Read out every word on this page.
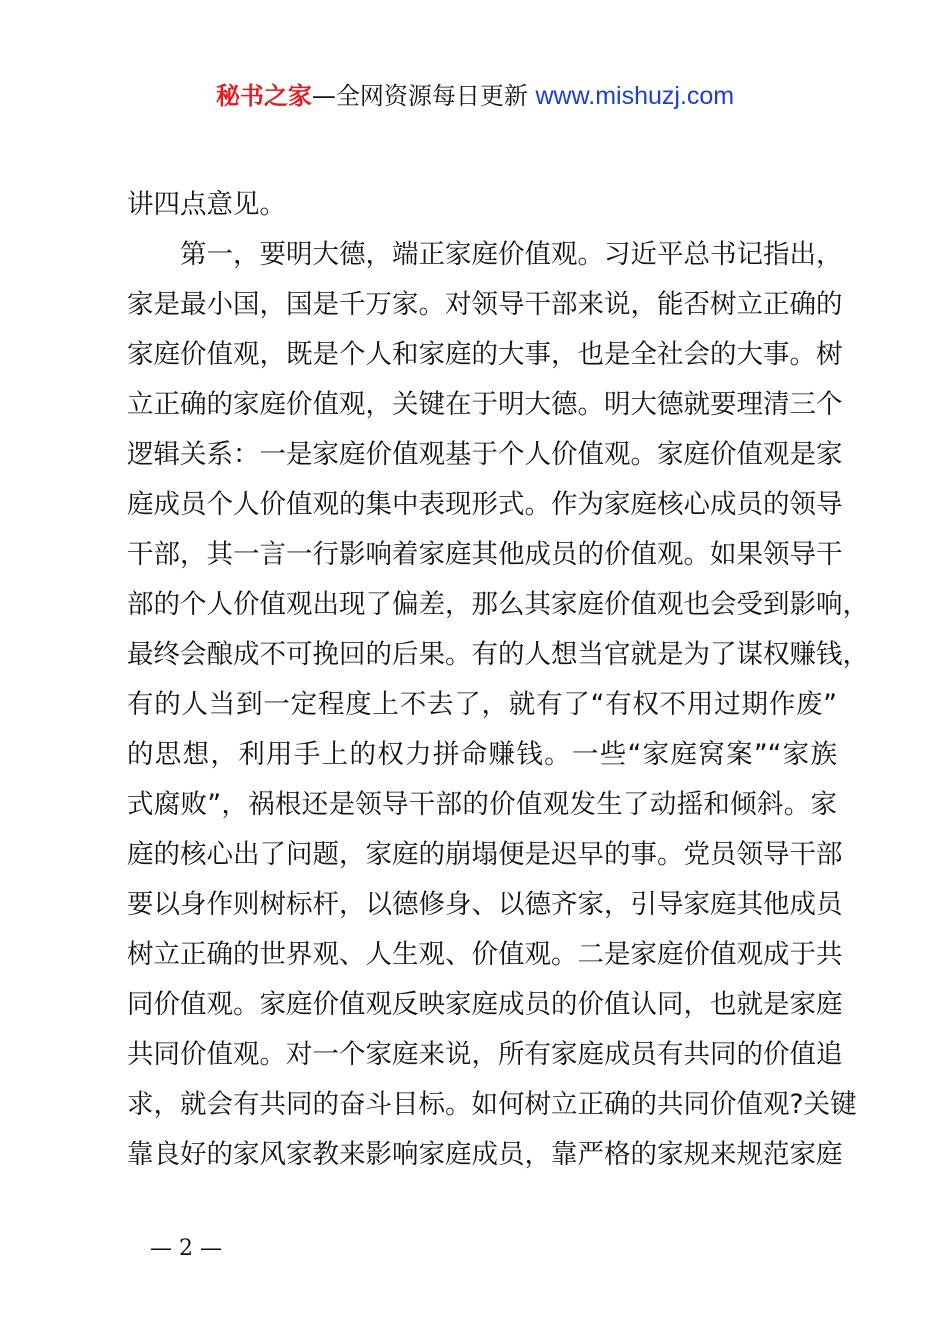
秘书之家—全网资源每日更新 www.mishuzj.com
讲四点意见。
第一，要明大德，端正家庭价值观。习近平总书记指出，
家是最小国，国是千万家。对领导干部来说，能否树立正确的
家庭价值观，既是个人和家庭的大事，也是全社会的大事。树
立正确的家庭价值观，关键在于明大德。明大德就要理清三个
逻辑关系：一是家庭价值观基于个人价值观。家庭价值观是家
庭成员个人价值观的集中表现形式。作为家庭核心成员的领导
干部，其一言一行影响着家庭其他成员的价值观。如果领导干
部的个人价值观出现了偏差，那么其家庭价值观也会受到影响，
最终会酿成不可挽回的后果。有的人想当官就是为了谋权赚钱，
有的人当到一定程度上不去了，就有了“有权不用过期作废”
的思想，利用手上的权力拼命赚钱。一些“家庭窝案”“家族
式腐败”，祸根还是领导干部的价值观发生了动摇和倾斜。家
庭的核心出了问题，家庭的崩塌便是迟早的事。党员领导干部
要以身作则树标杆，以德修身、以德齐家，引导家庭其他成员
树立正确的世界观、人生观、价值观。二是家庭价值观成于共
同价值观。家庭价值观反映家庭成员的价值认同，也就是家庭
共同价值观。对一个家庭来说，所有家庭成员有共同的价值追
求，就会有共同的奋斗目标。如何树立正确的共同价值观?关键
靠良好的家风家教来影响家庭成员，靠严格的家规来规范家庭
— 2 —
